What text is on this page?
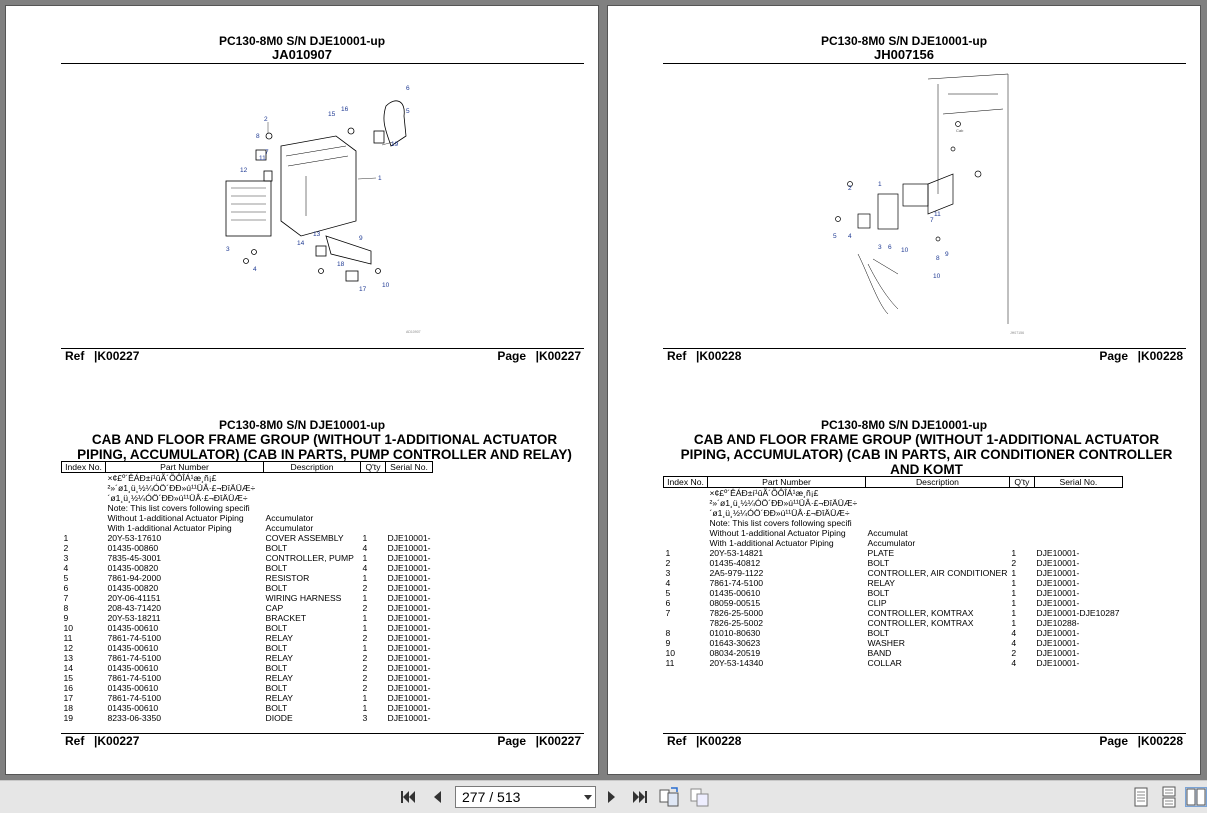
PC130-8M0 S/N DJE10001-up
JA010907
1
2
3
4
5
6
7
8
9
10
11
12
13
14
15
16
17
18
19
AD10907
Ref |K00227	Page |K00227
PC130-8M0 S/N DJE10001-up
CAB AND FLOOR FRAME GROUP (WITHOUT 1-ADDITIONAL ACTUATOR
PIPING, ACCUMULATOR) (CAB IN PARTS, PUMP CONTROLLER AND RELAY)
Index No.	Part Number	Description	Q'ty	Serial No.
	×¢£º´ÊÁÐ±í¹ûÃ´ÕÔÎÁ¹æ¸ñ¡£			
	²»´ø1¸ü¸½¼ÓÖ´ÐÐ»ú¹¹ÜÂ·£¬ÐîÄÜÆ÷			
	´ø1¸ü¸½¼ÓÖ´ÐÐ»ú¹¹ÜÂ·£¬ÐîÄÜÆ÷			
	Note: This list covers following specifi			
	Without 1-additional Actuator Piping	Accumulator		
	With 1-additional Actuator Piping	Accumulator		
1	20Y-53-17610	COVER ASSEMBLY	1	DJE10001-
2	01435-00860	BOLT	4	DJE10001-
3	7835-45-3001	CONTROLLER, PUMP	1	DJE10001-
4	01435-00820	BOLT	4	DJE10001-
5	7861-94-2000	RESISTOR	1	DJE10001-
6	01435-00820	BOLT	2	DJE10001-
7	20Y-06-41151	WIRING HARNESS	1	DJE10001-
8	208-43-71420	CAP	2	DJE10001-
9	20Y-53-18211	BRACKET	1	DJE10001-
10	01435-00610	BOLT	1	DJE10001-
11	7861-74-5100	RELAY	2	DJE10001-
12	01435-00610	BOLT	1	DJE10001-
13	7861-74-5100	RELAY	2	DJE10001-
14	01435-00610	BOLT	2	DJE10001-
15	7861-74-5100	RELAY	2	DJE10001-
16	01435-00610	BOLT	2	DJE10001-
17	7861-74-5100	RELAY	1	DJE10001-
18	01435-00610	BOLT	1	DJE10001-
19	8233-06-3350	DIODE	3	DJE10001-
Ref |K00227	Page |K00227
PC130-8M0 S/N DJE10001-up
JH007156
1
2
3
4
5
6
7
8
9
10
11
10
Cab
JH07156
Ref |K00228	Page |K00228
PC130-8M0 S/N DJE10001-up
CAB AND FLOOR FRAME GROUP (WITHOUT 1-ADDITIONAL ACTUATOR
PIPING, ACCUMULATOR) (CAB IN PARTS, AIR CONDITIONER CONTROLLER
AND KOMT
Index No.	Part Number	Description	Q'ty	Serial No.
	×¢£º´ÊÁÐ±í¹ûÃ´ÕÔÎÁ¹æ¸ñ¡£			
	²»´ø1¸ü¸½¼ÓÖ´ÐÐ»ú¹¹ÜÂ·£¬ÐîÄÜÆ÷			
	´ø1¸ü¸½¼ÓÖ´ÐÐ»ú¹¹ÜÂ·£¬ÐîÄÜÆ÷			
	Note: This list covers following specifi			
	Without 1-additional Actuator Piping	Accumulat		
	With 1-additional Actuator Piping	Accumulator		
1	20Y-53-14821	PLATE	1	DJE10001-
2	01435-40812	BOLT	2	DJE10001-
3	2A5-979-1122	CONTROLLER, AIR CONDITIONER	1	DJE10001-
4	7861-74-5100	RELAY	1	DJE10001-
5	01435-00610	BOLT	1	DJE10001-
6	08059-00515	CLIP	1	DJE10001-
7	7826-25-5000	CONTROLLER, KOMTRAX	1	DJE10001-DJE10287
	7826-25-5002	CONTROLLER, KOMTRAX	1	DJE10288-
8	01010-80630	BOLT	4	DJE10001-
9	01643-30623	WASHER	4	DJE10001-
10	08034-20519	BAND	2	DJE10001-
11	20Y-53-14340	COLLAR	4	DJE10001-
Ref |K00228	Page |K00228
277 / 513
